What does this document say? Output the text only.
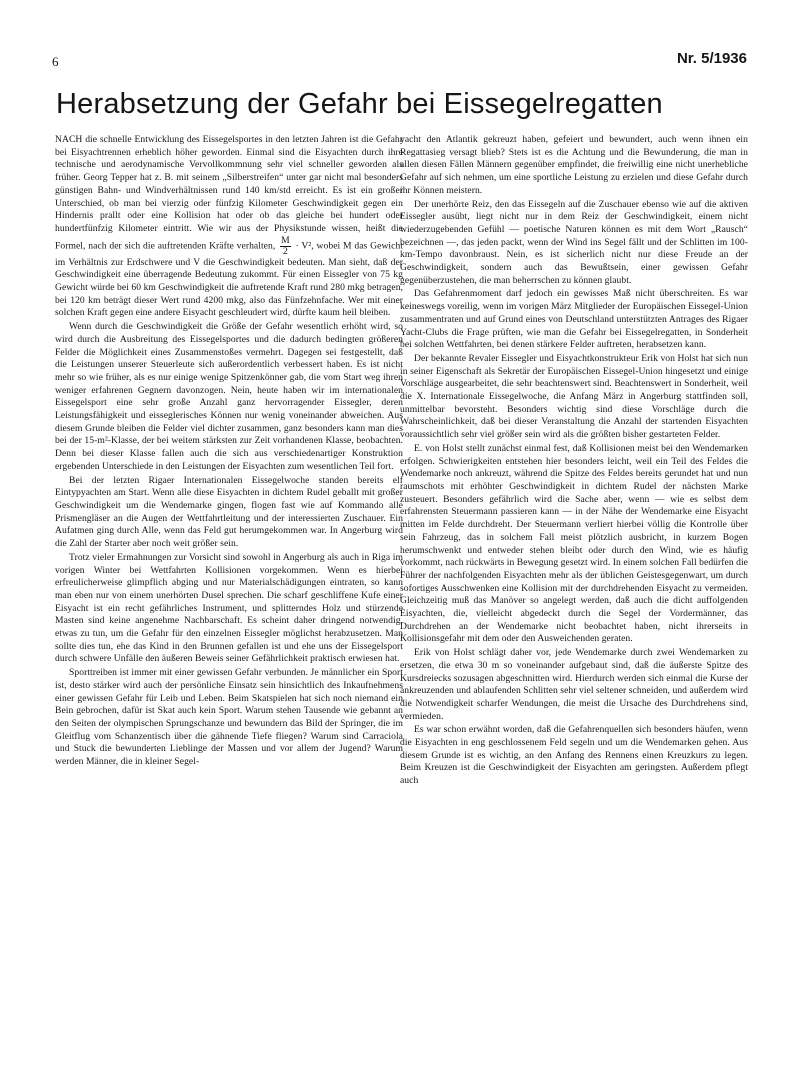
6	Nr. 5/1936
Herabsetzung der Gefahr bei Eissegelregatten

NACH die schnelle Entwicklung des Eissegelsportes in den letzten Jahren ist die Gefahr bei Eisyachtrennen erheblich höher geworden. Einmal sind die Eisyachten durch ihre technische und aerodynamische Vervollkommnung sehr viel schneller geworden als früher. Georg Tepper hat z. B. mit seinem „Silberstreifen“ unter gar nicht mal besonders günstigen Bahn- und Windverhältnissen rund 140 km/std erreicht. Es ist ein großer Unterschied, ob man bei vierzig oder fünfzig Kilometer Geschwindigkeit gegen ein Hindernis prallt oder eine Kollision hat oder ob das gleiche bei hundert oder hundertfünfzig Kilometer eintritt. Wie wir aus der Physikstunde wissen, heißt die Formel, nach der sich die auftretenden Kräfte verhalten, $\frac{M}{2} \cdot V^2$, wobei M das Gewicht im Verhältnis zur Erdschwere und V die Geschwindigkeit bedeuten. Man sieht, daß der Geschwindigkeit eine überragende Bedeutung zukommt. Für einen Eissegler von 75 kg Gewicht würde bei 60 km Geschwindigkeit die auftretende Kraft rund 280 mkg betragen, bei 120 km beträgt dieser Wert rund 4200 mkg, also das Fünfzehnfache. Wer mit einer solchen Kraft gegen eine andere Eisyacht geschleudert wird, dürfte kaum heil bleiben.

Wenn durch die Geschwindigkeit die Größe der Gefahr wesentlich erhöht wird, so wird durch die Ausbreitung des Eissegelsportes und die dadurch bedingten größeren Felder die Möglichkeit eines Zusammenstoßes vermehrt. Dagegen sei festgestellt, daß die Leistungen unserer Steuerleute sich außerordentlich verbessert haben. Es ist nicht mehr so wie früher, als es nur einige wenige Spitzenkönner gab, die vom Start weg ihren weniger erfahrenen Gegnern davonzogen. Nein, heute haben wir im internationalen Eissegelsport eine sehr große Anzahl ganz hervorragender Eissegler, deren Leistungsfähigkeit und eisseglerisches Können nur wenig voneinander abweichen. Aus diesem Grunde bleiben die Felder viel dichter zusammen, ganz besonders kann man dies bei der 15-m²-Klasse, der bei weitem stärksten zur Zeit vorhandenen Klasse, beobachten. Denn bei dieser Klasse fallen auch die sich aus verschiedenartiger Konstruktion ergebenden Unterschiede in den Leistungen der Eisyachten zum wesentlichen Teil fort.

Bei der letzten Rigaer Internationalen Eissegelwoche standen bereits elf Eintypyachten am Start. Wenn alle diese Eisyachten in dichtem Rudel geballt mit großer Geschwindigkeit um die Wendemarke gingen, flogen fast wie auf Kommando alle Prismengläser an die Augen der Wettfahrtleitung und der interessierten Zuschauer. Ein Aufatmen ging durch Alle, wenn das Feld gut herumgekommen war. In Angerburg wird die Zahl der Starter aber noch weit größer sein.

Trotz vieler Ermahnungen zur Vorsicht sind sowohl in Angerburg als auch in Riga im vorigen Winter bei Wettfahrten Kollisionen vorgekommen. Wenn es hierbei erfreulicherweise glimpflich abging und nur Materialschädigungen eintraten, so kann man eben nur von einem unerhörten Dusel sprechen. Die scharf geschliffene Kufe einer Eisyacht ist ein recht gefährliches Instrument, und splitterndes Holz und stürzende Masten sind keine angenehme Nachbarschaft. Es scheint daher dringend notwendig, etwas zu tun, um die Gefahr für den einzelnen Eissegler möglichst herabzusetzen. Man sollte dies tun, ehe das Kind in den Brunnen gefallen ist und ehe uns der Eissegelsport durch schwere Unfälle den äußeren Beweis seiner Gefährlichkeit praktisch erwiesen hat.

Sporttreiben ist immer mit einer gewissen Gefahr verbunden. Je männlicher ein Sport ist, desto stärker wird auch der persönliche Einsatz sein hinsichtlich des Inkaufnehmens einer gewissen Gefahr für Leib und Leben. Beim Skatspielen hat sich noch niemand ein Bein gebrochen, dafür ist Skat auch kein Sport. Warum stehen Tausende wie gebannt an den Seiten der olympischen Sprungschanze und bewundern das Bild der Springer, die im Gleitflug vom Schanzentisch über die gähnende Tiefe fliegen? Warum sind Carraciola und Stuck die bewunderten Lieblinge der Massen und vor allem der Jugend? Warum werden Männer, die in kleiner Segel-

yacht den Atlantik gekreuzt haben, gefeiert und bewundert, auch wenn ihnen ein Regattasieg versagt blieb? Stets ist es die Achtung und die Bewunderung, die man in allen diesen Fällen Männern gegenüber empfindet, die freiwillig eine nicht unerhebliche Gefahr auf sich nehmen, um eine sportliche Leistung zu erzielen und diese Gefahr durch ihr Können meistern.

Der unerhörte Reiz, den das Eissegeln auf die Zuschauer ebenso wie auf die aktiven Eissegler ausübt, liegt nicht nur in dem Reiz der Geschwindigkeit, einem nicht wiederzugebenden Gefühl — poetische Naturen können es mit dem Wort „Rausch“ bezeichnen —, das jeden packt, wenn der Wind ins Segel fällt und der Schlitten im 100-km-Tempo davonbraust. Nein, es ist sicherlich nicht nur diese Freude an der Geschwindigkeit, sondern auch das Bewußtsein, einer gewissen Gefahr gegenüberzustehen, die man beherrschen zu können glaubt.

Das Gefahrenmoment darf jedoch ein gewisses Maß nicht überschreiten. Es war keineswegs voreilig, wenn im vorigen März Mitglieder der Europäischen Eissegel-Union zusammentraten und auf Grund eines von Deutschland unterstützten Antrages des Rigaer Yacht-Clubs die Frage prüften, wie man die Gefahr bei Eissegelregatten, in Sonderheit bei solchen Wettfahrten, bei denen stärkere Felder auftreten, herabsetzen kann.

Der bekannte Revaler Eissegler und Eisyachtkonstrukteur Erik von Holst hat sich nun in seiner Eigenschaft als Sekretär der Europäischen Eissegel-Union hingesetzt und einige Vorschläge ausgearbeitet, die sehr beachtenswert sind. Beachtenswert in Sonderheit, weil die X. Internationale Eissegelwoche, die Anfang März in Angerburg stattfinden soll, unmittelbar bevorsteht. Besonders wichtig sind diese Vorschläge durch die Wahrscheinlichkeit, daß bei dieser Veranstaltung die Anzahl der startenden Eisyachten voraussichtlich sehr viel größer sein wird als die größten bisher gestarteten Felder.

E. von Holst stellt zunächst einmal fest, daß Kollisionen meist bei den Wendemarken erfolgen. Schwierigkeiten entstehen hier besonders leicht, weil ein Teil des Feldes die Wendemarke noch ankreuzt, während die Spitze des Feldes bereits gerundet hat und nun raumschots mit erhöhter Geschwindigkeit in dichtem Rudel der nächsten Marke zusteuert. Besonders gefährlich wird die Sache aber, wenn — wie es selbst dem erfahrensten Steuermann passieren kann — in der Nähe der Wendemarke eine Eisyacht mitten im Felde durchdreht. Der Steuermann verliert hierbei völlig die Kontrolle über sein Fahrzeug, das in solchem Fall meist plötzlich ausbricht, in kurzem Bogen herumschwenkt und entweder stehen bleibt oder durch den Wind, wie es häufig vorkommt, nach rückwärts in Bewegung gesetzt wird. In einem solchen Fall bedürfen die Führer der nachfolgenden Eisyachten mehr als der üblichen Geistesgegenwart, um durch sofortiges Ausschwenken eine Kollision mit der durchdrehenden Eisyacht zu vermeiden. Gleichzeitig muß das Manöver so angelegt werden, daß auch die dicht auffolgenden Eisyachten, die, vielleicht abgedeckt durch die Segel der Vordermänner, das Durchdrehen an der Wendemarke nicht beobachtet haben, nicht ihrerseits in Kollisionsgefahr mit dem oder den Ausweichenden geraten.

Erik von Holst schlägt daher vor, jede Wendemarke durch zwei Wendemarken zu ersetzen, die etwa 30 m so voneinander aufgebaut sind, daß die äußerste Spitze des Kursdreiecks sozusagen abgeschnitten wird. Hierdurch werden sich einmal die Kurse der ankreuzenden und ablaufenden Schlitten sehr viel seltener schneiden, und außerdem wird die Notwendigkeit scharfer Wendungen, die meist die Ursache des Durchdrehens sind, vermieden.

Es war schon erwähnt worden, daß die Gefahrenquellen sich besonders häufen, wenn die Eisyachten in eng geschlossenem Feld segeln und um die Wendemarken gehen. Aus diesem Grunde ist es wichtig, an den Anfang des Rennens einen Kreuzkurs zu legen. Beim Kreuzen ist die Geschwindigkeit der Eisyachten am geringsten. Außerdem pflegt auch
